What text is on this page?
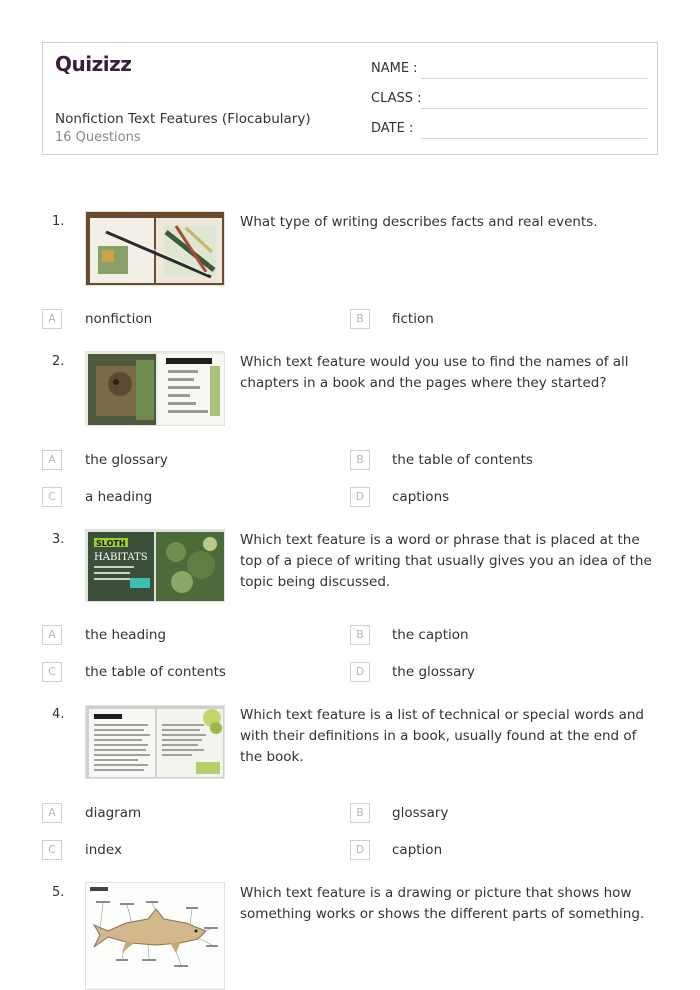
Quizizz
Nonfiction Text Features (Flocabulary)
16 Questions
NAME :
CLASS :
DATE :
1.	What type of writing describes facts and real events.
A	nonfiction	B	fiction
2.	Which text feature would you use to find the names of all chapters in a book and the pages where they started?
A	the glossary	B	the table of contents
C	a heading	D	captions
3.	SLOTH
HABITATS
Which text feature is a word or phrase that is placed at the top of a piece of writing that usually gives you an idea of the topic being discussed.
A	the heading	B	the caption
C	the table of contents	D	the glossary
4.	Which text feature is a list of technical or special words and with their definitions in a book, usually found at the end of the book.
A	diagram	B	glossary
C	index	D	caption
5.	Which text feature is a drawing or picture that shows how something works or shows the different parts of something.
